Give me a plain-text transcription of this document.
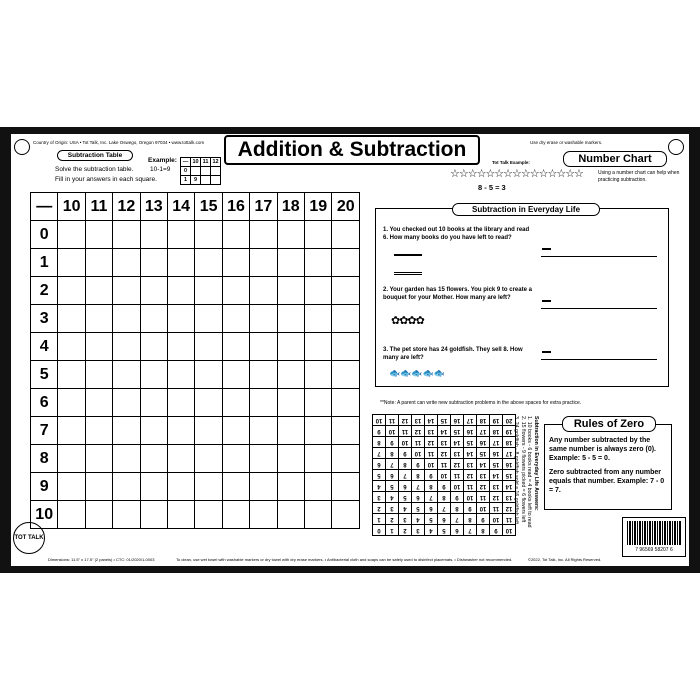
Country of Origin: USA • Tot Talk, Inc. Lake Oswego, Oregon 97034 • www.tottalk.com	Addition & Subtraction	Use dry erase or washable markers.
Subtraction Table
Solve the subtraction table.
Fill in your answers in each square.
Example:
10-1=9
—	10	11	12
0			
1	9		
—	10	11	12	13	14	15	16	17	18	19	20
0											
1											
2											
3											
4											
5											
6											
7											
8											
9											
10											
Tot Talk Example:
☆☆☆☆☆☆☆☆☆☆☆☆☆☆☆
8 - 5 = 3
Number Chart
Using a number chart can help when practicing subtraction.
Subtraction in Everyday Life
1. You checked out 10 books at the library and read 6. How many books do you have left to read?
2. Your garden has 15 flowers. You pick 9 to create a bouquet for your Mother. How many are left?
✿✿✿✿
3. The pet store has 24 goldfish. They sell 8. How many are left?
🐟🐟🐟🐟🐟
**Note: A parent can write new subtraction problems in the above spaces for extra practice.
10	9	8	7	6	5	4	3	2	1	0
11	10	9	8	7	6	5	4	3	2	1
12	11	10	9	8	7	6	5	4	3	2
13	12	11	10	9	8	7	6	5	4	3
14	13	12	11	10	9	8	7	6	5	4
15	14	13	12	11	10	9	8	7	6	5
16	15	14	13	12	11	10	9	8	7	6
17	16	15	14	13	12	11	10	9	8	7
18	17	16	15	14	13	12	11	10	9	8
19	18	17	16	15	14	13	12	11	10	9
20	19	18	17	16	15	14	13	12	11	10	Subtraction in Everyday Life Answers:
1. 10 books - 6 books read = 4 books left to read
2. 15 flowers - 9 flowers picked = 6 flowers left
3. 24 goldfish - 8 goldfish sold = 16 goldfish left	Rules of Zero
Any number subtracted by the same number is always zero (0). Example: 5 - 5 = 0.
Zero subtracted from any number equals that number. Example: 7 - 0 = 7.
7 96569 58207 6
TOT TALK
Dimensions: 11.5" x 17.5" (2 panels) • CTC: 01/2020/1-0003	To clean, use wet towel with washable markers or dry towel with dry erase markers. • Antibacterial cloth and soaps can be safely used to disinfect placemats. • Dishwasher not recommended.	©2022, Tot Talk, Inc. All Rights Reserved.
